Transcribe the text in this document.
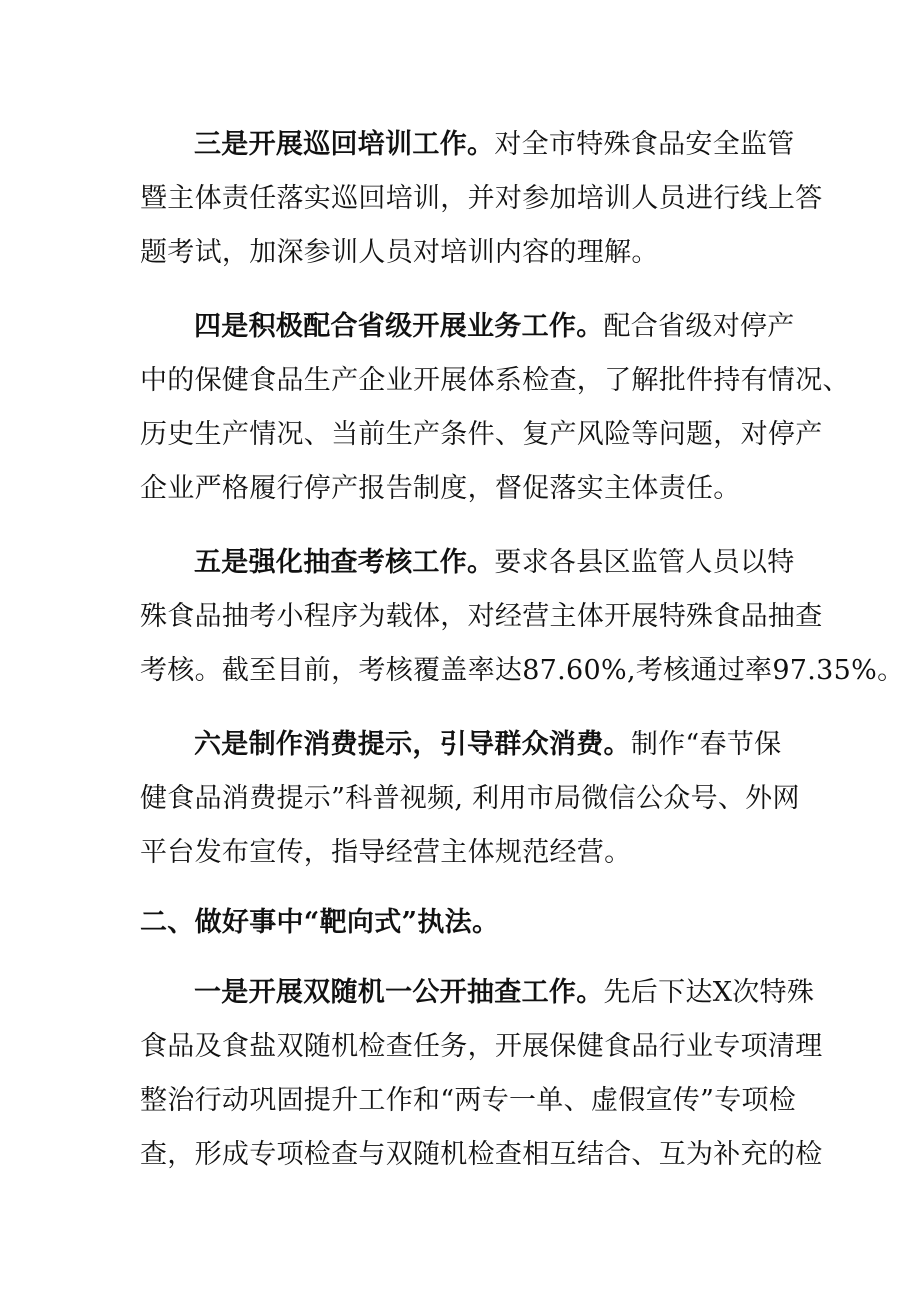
三是开展巡回培训工作。对全市特殊食品安全监管
暨主体责任落实巡回培训，并对参加培训人员进行线上答
题考试，加深参训人员对培训内容的理解。
四是积极配合省级开展业务工作。配合省级对停产
中的保健食品生产企业开展体系检查，了解批件持有情况、
历史生产情况、当前生产条件、复产风险等问题，对停产
企业严格履行停产报告制度，督促落实主体责任。
五是强化抽查考核工作。要求各县区监管人员以特
殊食品抽考小程序为载体，对经营主体开展特殊食品抽查
考核。截至目前，考核覆盖率达87.60%,考核通过率97.35%。
六是制作消费提示，引导群众消费。制作“春节保
健食品消费提示”科普视频, 利用市局微信公众号、外网
平台发布宣传，指导经营主体规范经营。
二、做好事中“靶向式”执法。
一是开展双随机一公开抽查工作。先后下达X次特殊
食品及食盐双随机检查任务，开展保健食品行业专项清理
整治行动巩固提升工作和“两专一单、虚假宣传”专项检
查，形成专项检查与双随机检查相互结合、互为补充的检
